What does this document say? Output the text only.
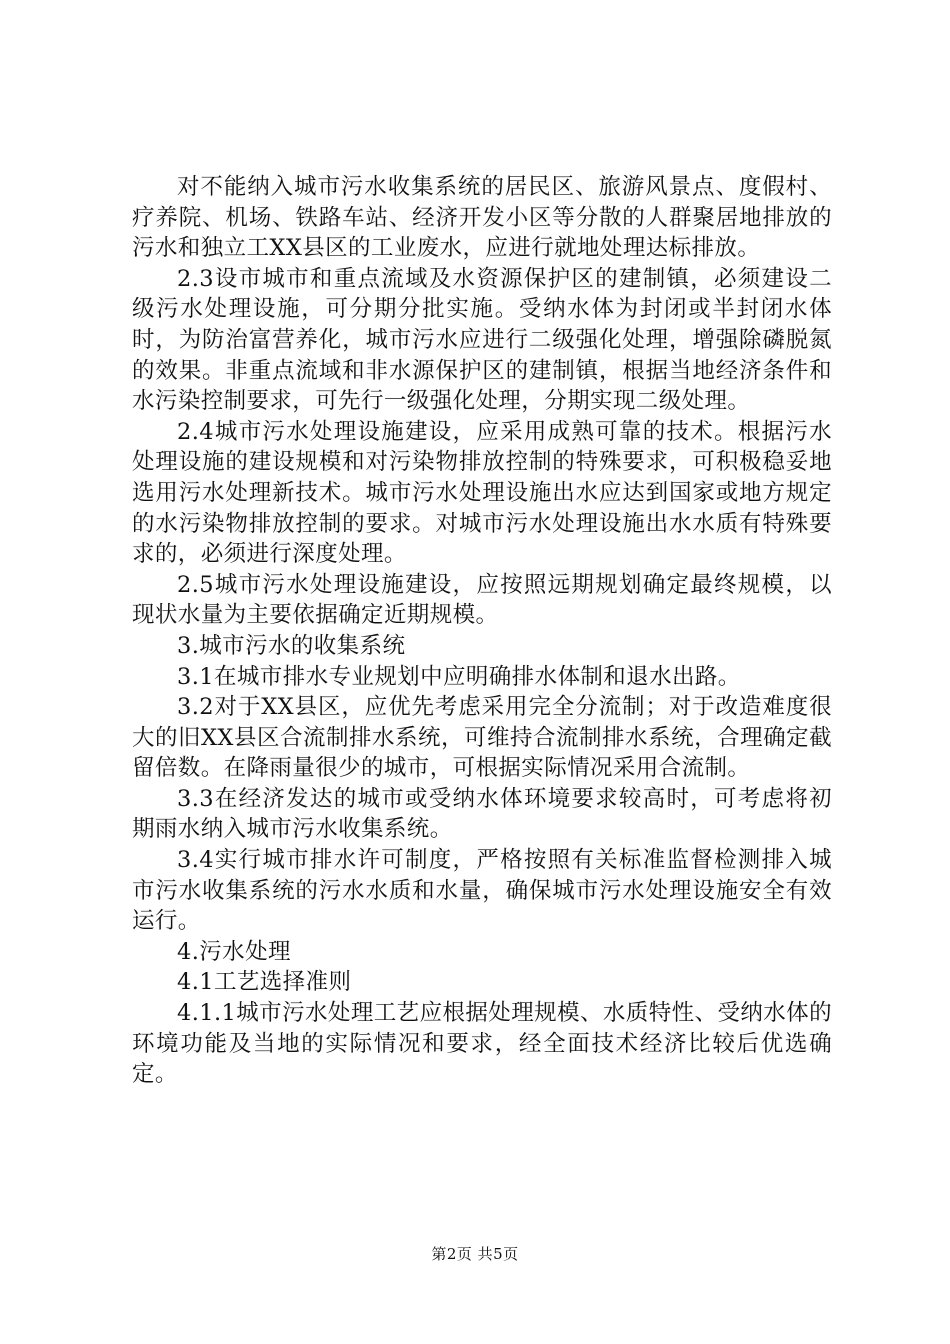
对不能纳入城市污水收集系统的居民区、旅游风景点、度假村、疗养院、机场、铁路车站、经济开发小区等分散的人群聚居地排放的污水和独立工XX县区的工业废水，应进行就地处理达标排放。

2.3设市城市和重点流域及水资源保护区的建制镇，必须建设二级污水处理设施，可分期分批实施。受纳水体为封闭或半封闭水体时，为防治富营养化，城市污水应进行二级强化处理，增强除磷脱氮的效果。非重点流域和非水源保护区的建制镇，根据当地经济条件和水污染控制要求，可先行一级强化处理，分期实现二级处理。

2.4城市污水处理设施建设，应采用成熟可靠的技术。根据污水处理设施的建设规模和对污染物排放控制的特殊要求，可积极稳妥地选用污水处理新技术。城市污水处理设施出水应达到国家或地方规定的水污染物排放控制的要求。对城市污水处理设施出水水质有特殊要求的，必须进行深度处理。

2.5城市污水处理设施建设，应按照远期规划确定最终规模，以现状水量为主要依据确定近期规模。

3.城市污水的收集系统

3.1在城市排水专业规划中应明确排水体制和退水出路。

3.2对于XX县区，应优先考虑采用完全分流制；对于改造难度很大的旧XX县区合流制排水系统，可维持合流制排水系统，合理确定截留倍数。在降雨量很少的城市，可根据实际情况采用合流制。

3.3在经济发达的城市或受纳水体环境要求较高时，可考虑将初期雨水纳入城市污水收集系统。

3.4实行城市排水许可制度，严格按照有关标准监督检测排入城市污水收集系统的污水水质和水量，确保城市污水处理设施安全有效运行。

4.污水处理

4.1工艺选择准则

4.1.1城市污水处理工艺应根据处理规模、水质特性、受纳水体的环境功能及当地的实际情况和要求，经全面技术经济比较后优选确定。

第2页 共5页
